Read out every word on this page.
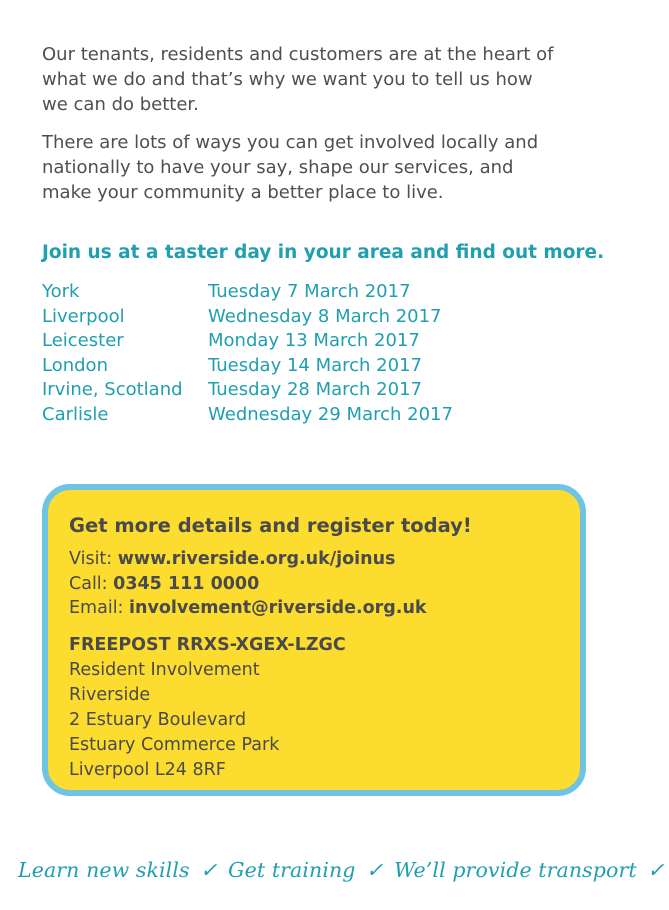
Our tenants, residents and customers are at the heart of what we do and that’s why we want you to tell us how we can do better.

There are lots of ways you can get involved locally and nationally to have your say, shape our services, and make your community a better place to live.

Join us at a taster day in your area and find out more.
York	Tuesday 7 March 2017
Liverpool	Wednesday 8 March 2017
Leicester	Monday 13 March 2017
London	Tuesday 14 March 2017
Irvine, Scotland	Tuesday 28 March 2017
Carlisle	Wednesday 29 March 2017
Get more details and register today!
Visit: www.riverside.org.uk/joinus
Call: 0345 111 0000
Email: involvement@riverside.org.uk
FREEPOST RRXS-XGEX-LZGC
Resident Involvement
Riverside
2 Estuary Boulevard
Estuary Commerce Park
Liverpool L24 8RF
Learn new skills ✓ Get training ✓ We’ll provide transport ✓
